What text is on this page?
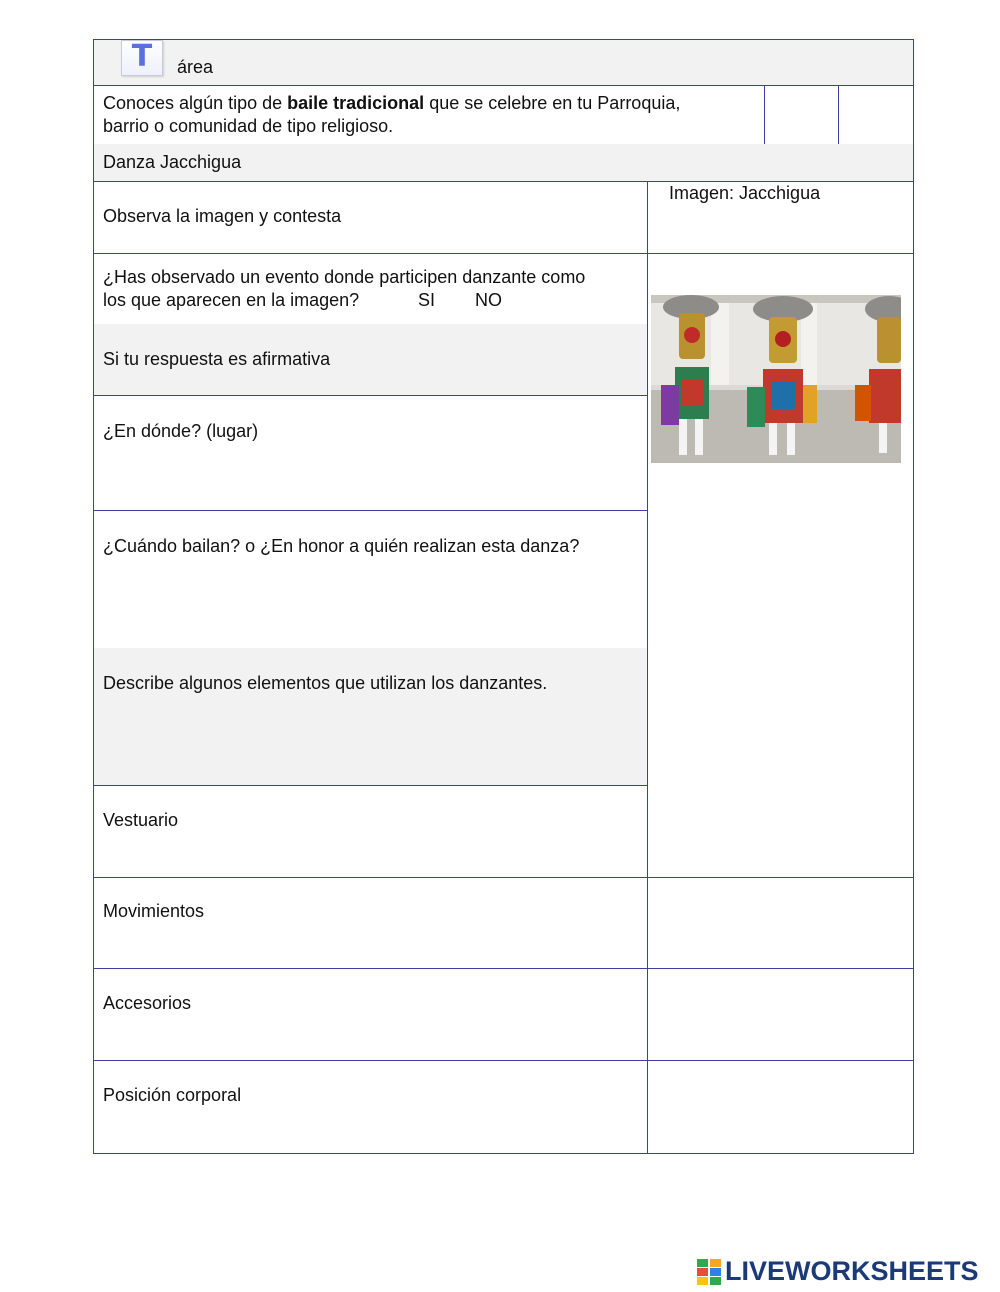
T	área
Conoces algún tipo de baile tradicional que se celebre en tu Parroquia,
barrio o comunidad de tipo religioso.
Danza Jacchigua
Observa la imagen y contesta
Imagen: Jacchigua
¿Has observado un evento donde participen danzante como
los que aparecen en la imagen?	SI NO
Si tu respuesta es afirmativa
¿En dónde? (lugar)
¿Cuándo bailan? o ¿En honor a quién realizan esta danza?
Describe algunos elementos que utilizan los danzantes.
Vestuario
Movimientos
Accesorios
Posición corporal
LIVEWORKSHEETS
